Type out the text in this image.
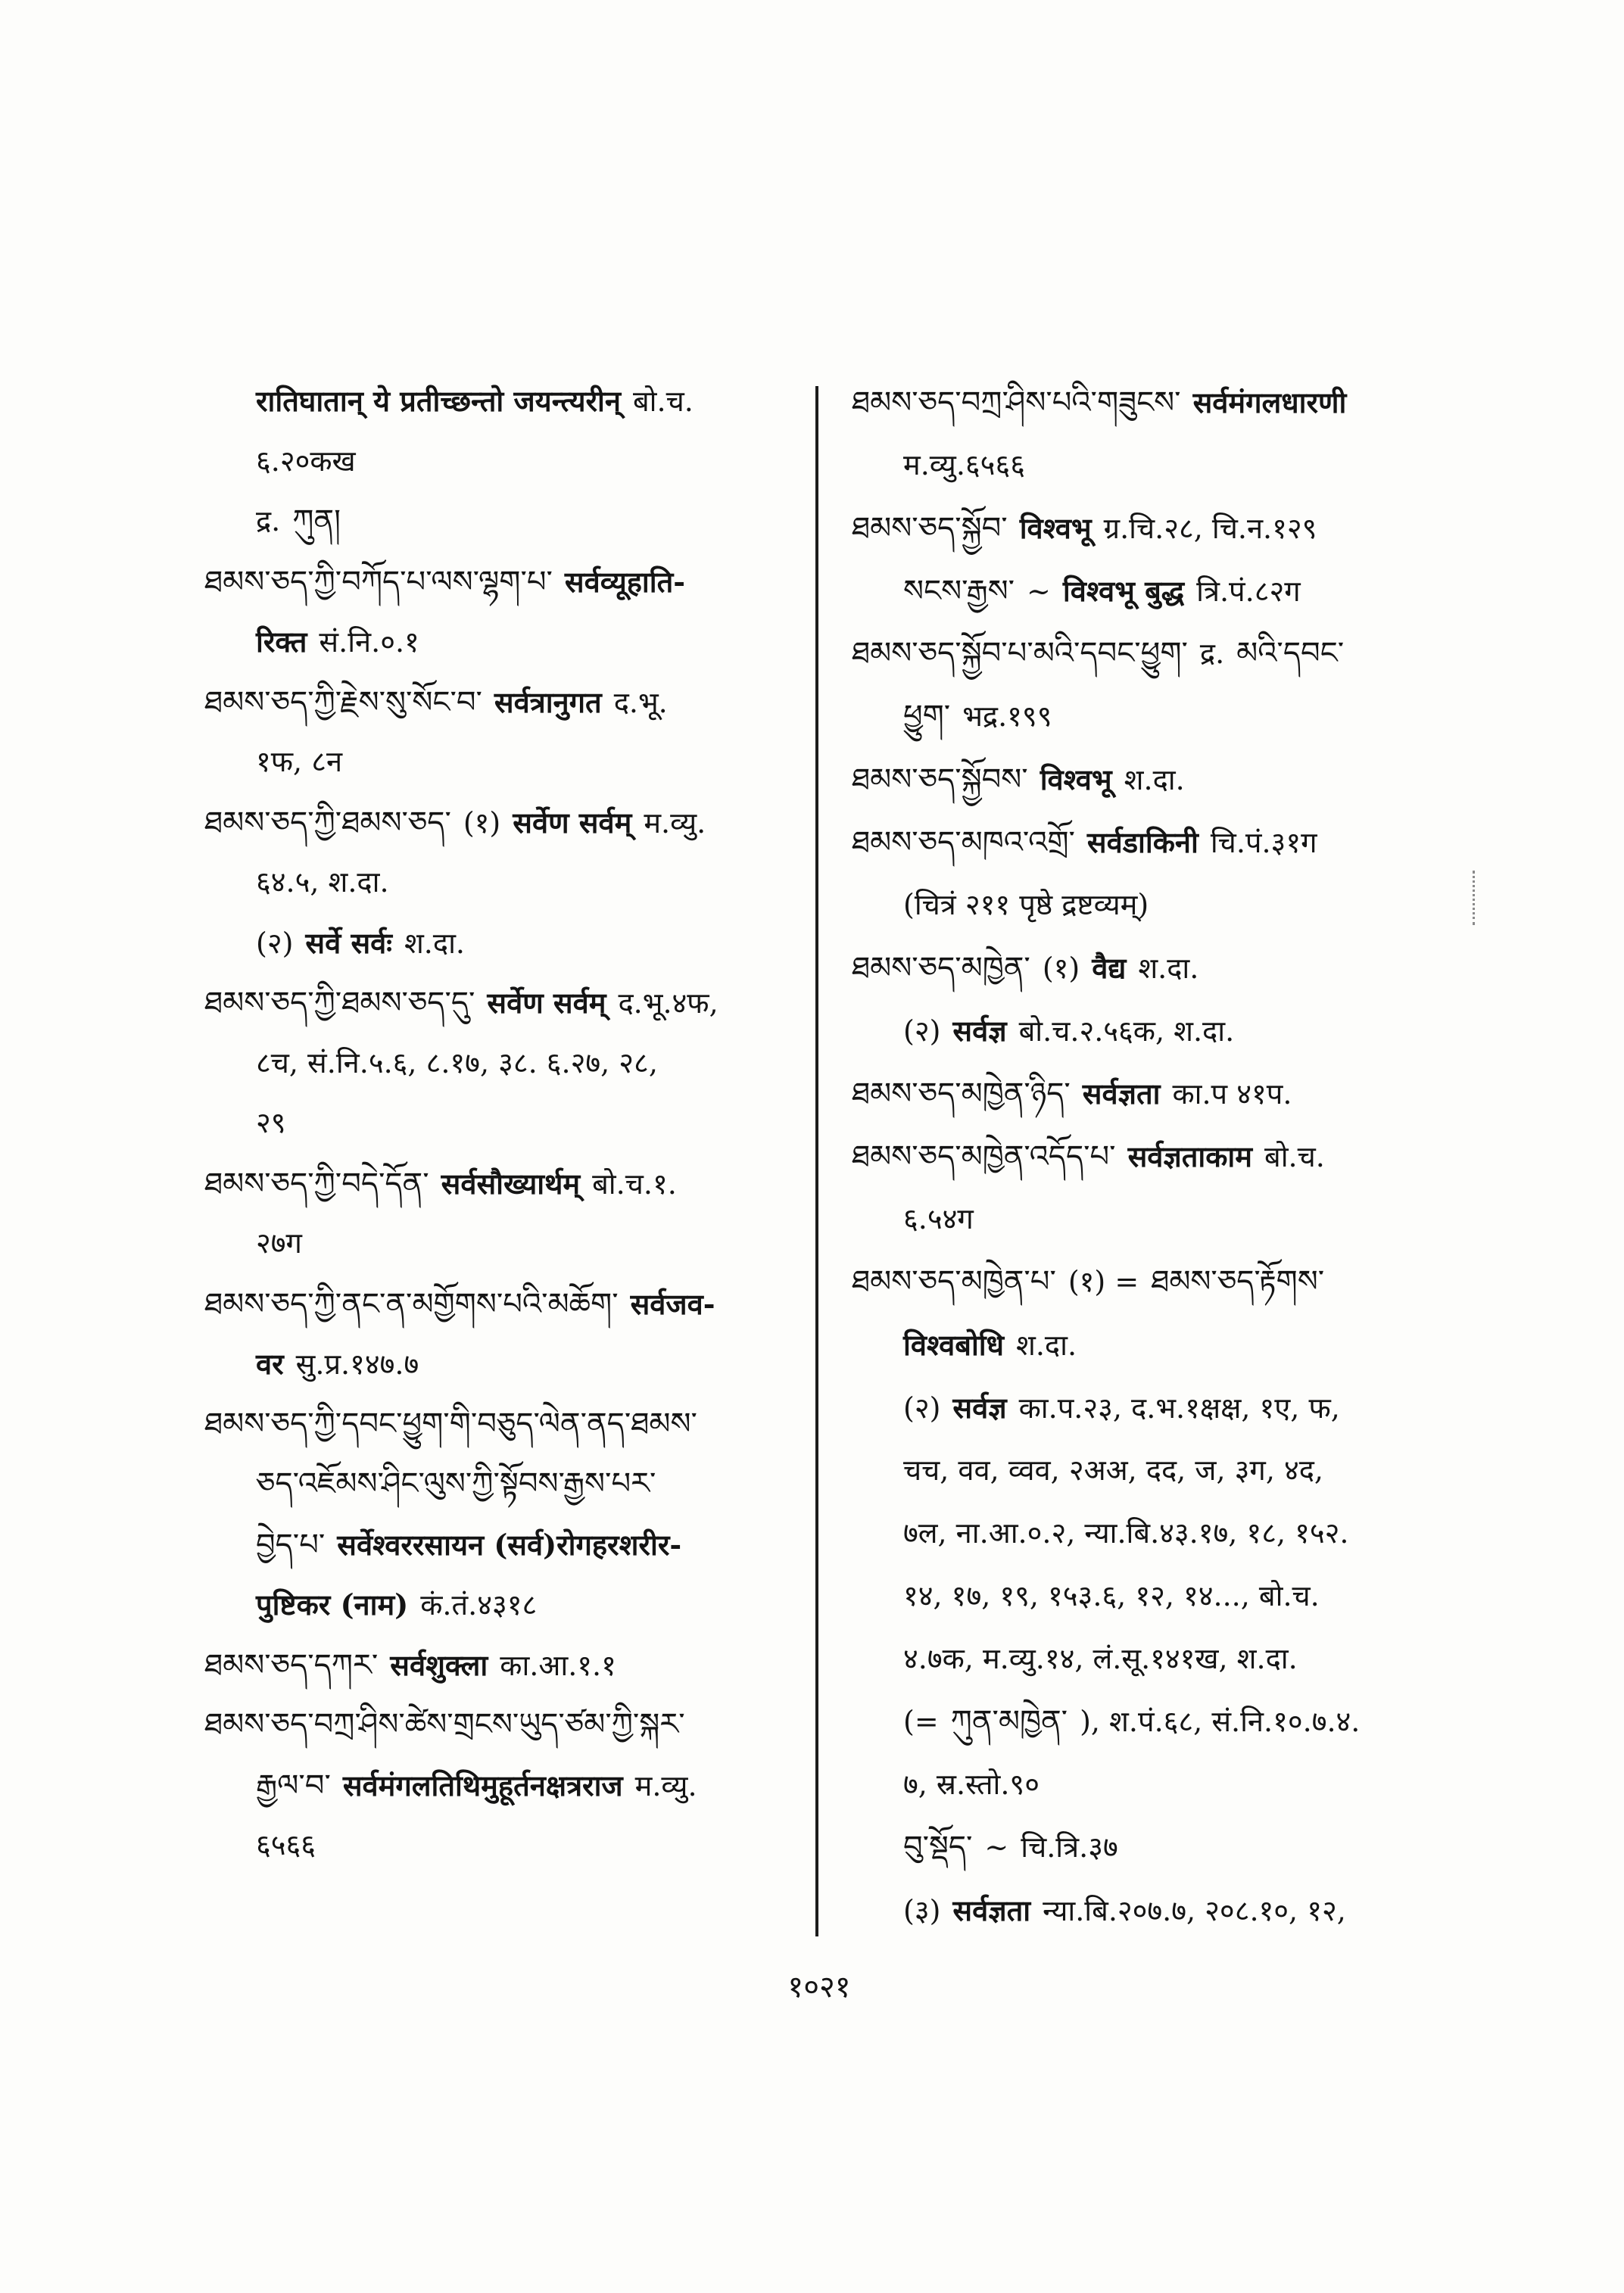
रातिघातान् ये प्रतीच्छन्तो जयन्त्यरीन् बो.च.
६.२०कख
द्र. ཀུན།
ཐམས་ཅད་ཀྱི་བཀོད་པ་ལས་ལྷག་པ་ सर्वव्यूहाति-
रिक्त सं.नि.०.१
ཐམས་ཅད་ཀྱི་རྗེས་སུ་སོང་བ་ सर्वत्रानुगत द.भू.
१फ, ८न
ཐམས་ཅད་ཀྱི་ཐམས་ཅད་ (१) सर्वेण सर्वम् म.व्यु.
६४.५, श.दा.
(२) सर्वे सर्वः श.दा.
ཐམས་ཅད་ཀྱི་ཐམས་ཅད་དུ་ सर्वेण सर्वम् द.भू.४फ,
८च, सं.नि.५.६, ८.१७, ३८. ६.२७, २८,
२९
ཐམས་ཅད་ཀྱི་བདེ་དོན་ सर्वसौख्यार्थम् बो.च.१.
२७ग
ཐམས་ཅད་ཀྱི་ནང་ན་མགྱོགས་པའི་མཆོག་ सर्वजव-
वर सु.प्र.१४७.७
ཐམས་ཅད་ཀྱི་དབང་ཕྱུག་གི་བཅུད་ལེན་ནད་ཐམས་
ཅད་འཇོམས་ཤིང་ལུས་ཀྱི་སྟོབས་རྒྱས་པར་
བྱེད་པ་ सर्वेश्वररसायन (सर्व)रोगहरशरीर-
पुष्टिकर (नाम) कं.तं.४३१८
ཐམས་ཅད་དཀར་ सर्वशुक्ला का.आ.१.१
ཐམས་ཅད་བཀྲ་ཤིས་ཚེས་གྲངས་ཡུད་ཙམ་ཀྱི་སྐར་
རྒྱལ་བ་ सर्वमंगलतिथिमुहूर्तनक्षत्रराज म.व्यु.
६५६६
ཐམས་ཅད་བཀྲ་ཤིས་པའི་གཟུངས་ सर्वमंगलधारणी
म.व्यु.६५६६
ཐམས་ཅད་སྐྱོབ་ विश्वभू ग्र.चि.२८, चि.न.१२९
སངས་རྒྱས་ ~ विश्वभू बुद्ध त्रि.पं.८२ग
ཐམས་ཅད་སྐྱོབ་པ་མའི་དབང་ཕྱུག་ द्र. མའི་དབང་
ཕྱུག་ भद्र.१९९
ཐམས་ཅད་སྐྱོབས་ विश्वभू श.दा.
ཐམས་ཅད་མཁའ་འགྲོ་ सर्वडाकिनी चि.पं.३१ग
(चित्रं २११ पृष्ठे द्रष्टव्यम्)
ཐམས་ཅད་མཁྱེན་ (१) वैद्य श.दा.
(२) सर्वज्ञ बो.च.२.५६क, श.दा.
ཐམས་ཅད་མཁྱེན་ཉིད་ सर्वज्ञता का.प ४१प.
ཐམས་ཅད་མཁྱེན་འདོད་པ་ सर्वज्ञताकाम बो.च.
६.५४ग
ཐམས་ཅད་མཁྱེན་པ་ (१) = ཐམས་ཅད་རྟོགས་
विश्वबोधि श.दा.
(२) सर्वज्ञ का.प.२३, द.भ.१क्षक्ष, १ए, फ,
चच, वव, व्वव, २अअ, दद, ज, ३ग, ४द,
७ल, ना.आ.०.२, न्या.बि.४३.१७, १८, १५२.
१४, १७, १९, १५३.६, १२, १४..., बो.च.
४.७क, म.व्यु.१४, लं.सू.१४१ख, श.दा.
(= ཀུན་མཁྱེན་ ), श.पं.६८, सं.नि.१०.७.४.
७, स्र.स्तो.९०
བུ་སྡོད་ ~ चि.त्रि.३७
(३) सर्वज्ञता न्या.बि.२०७.७, २०८.१०, १२,
१०२१
